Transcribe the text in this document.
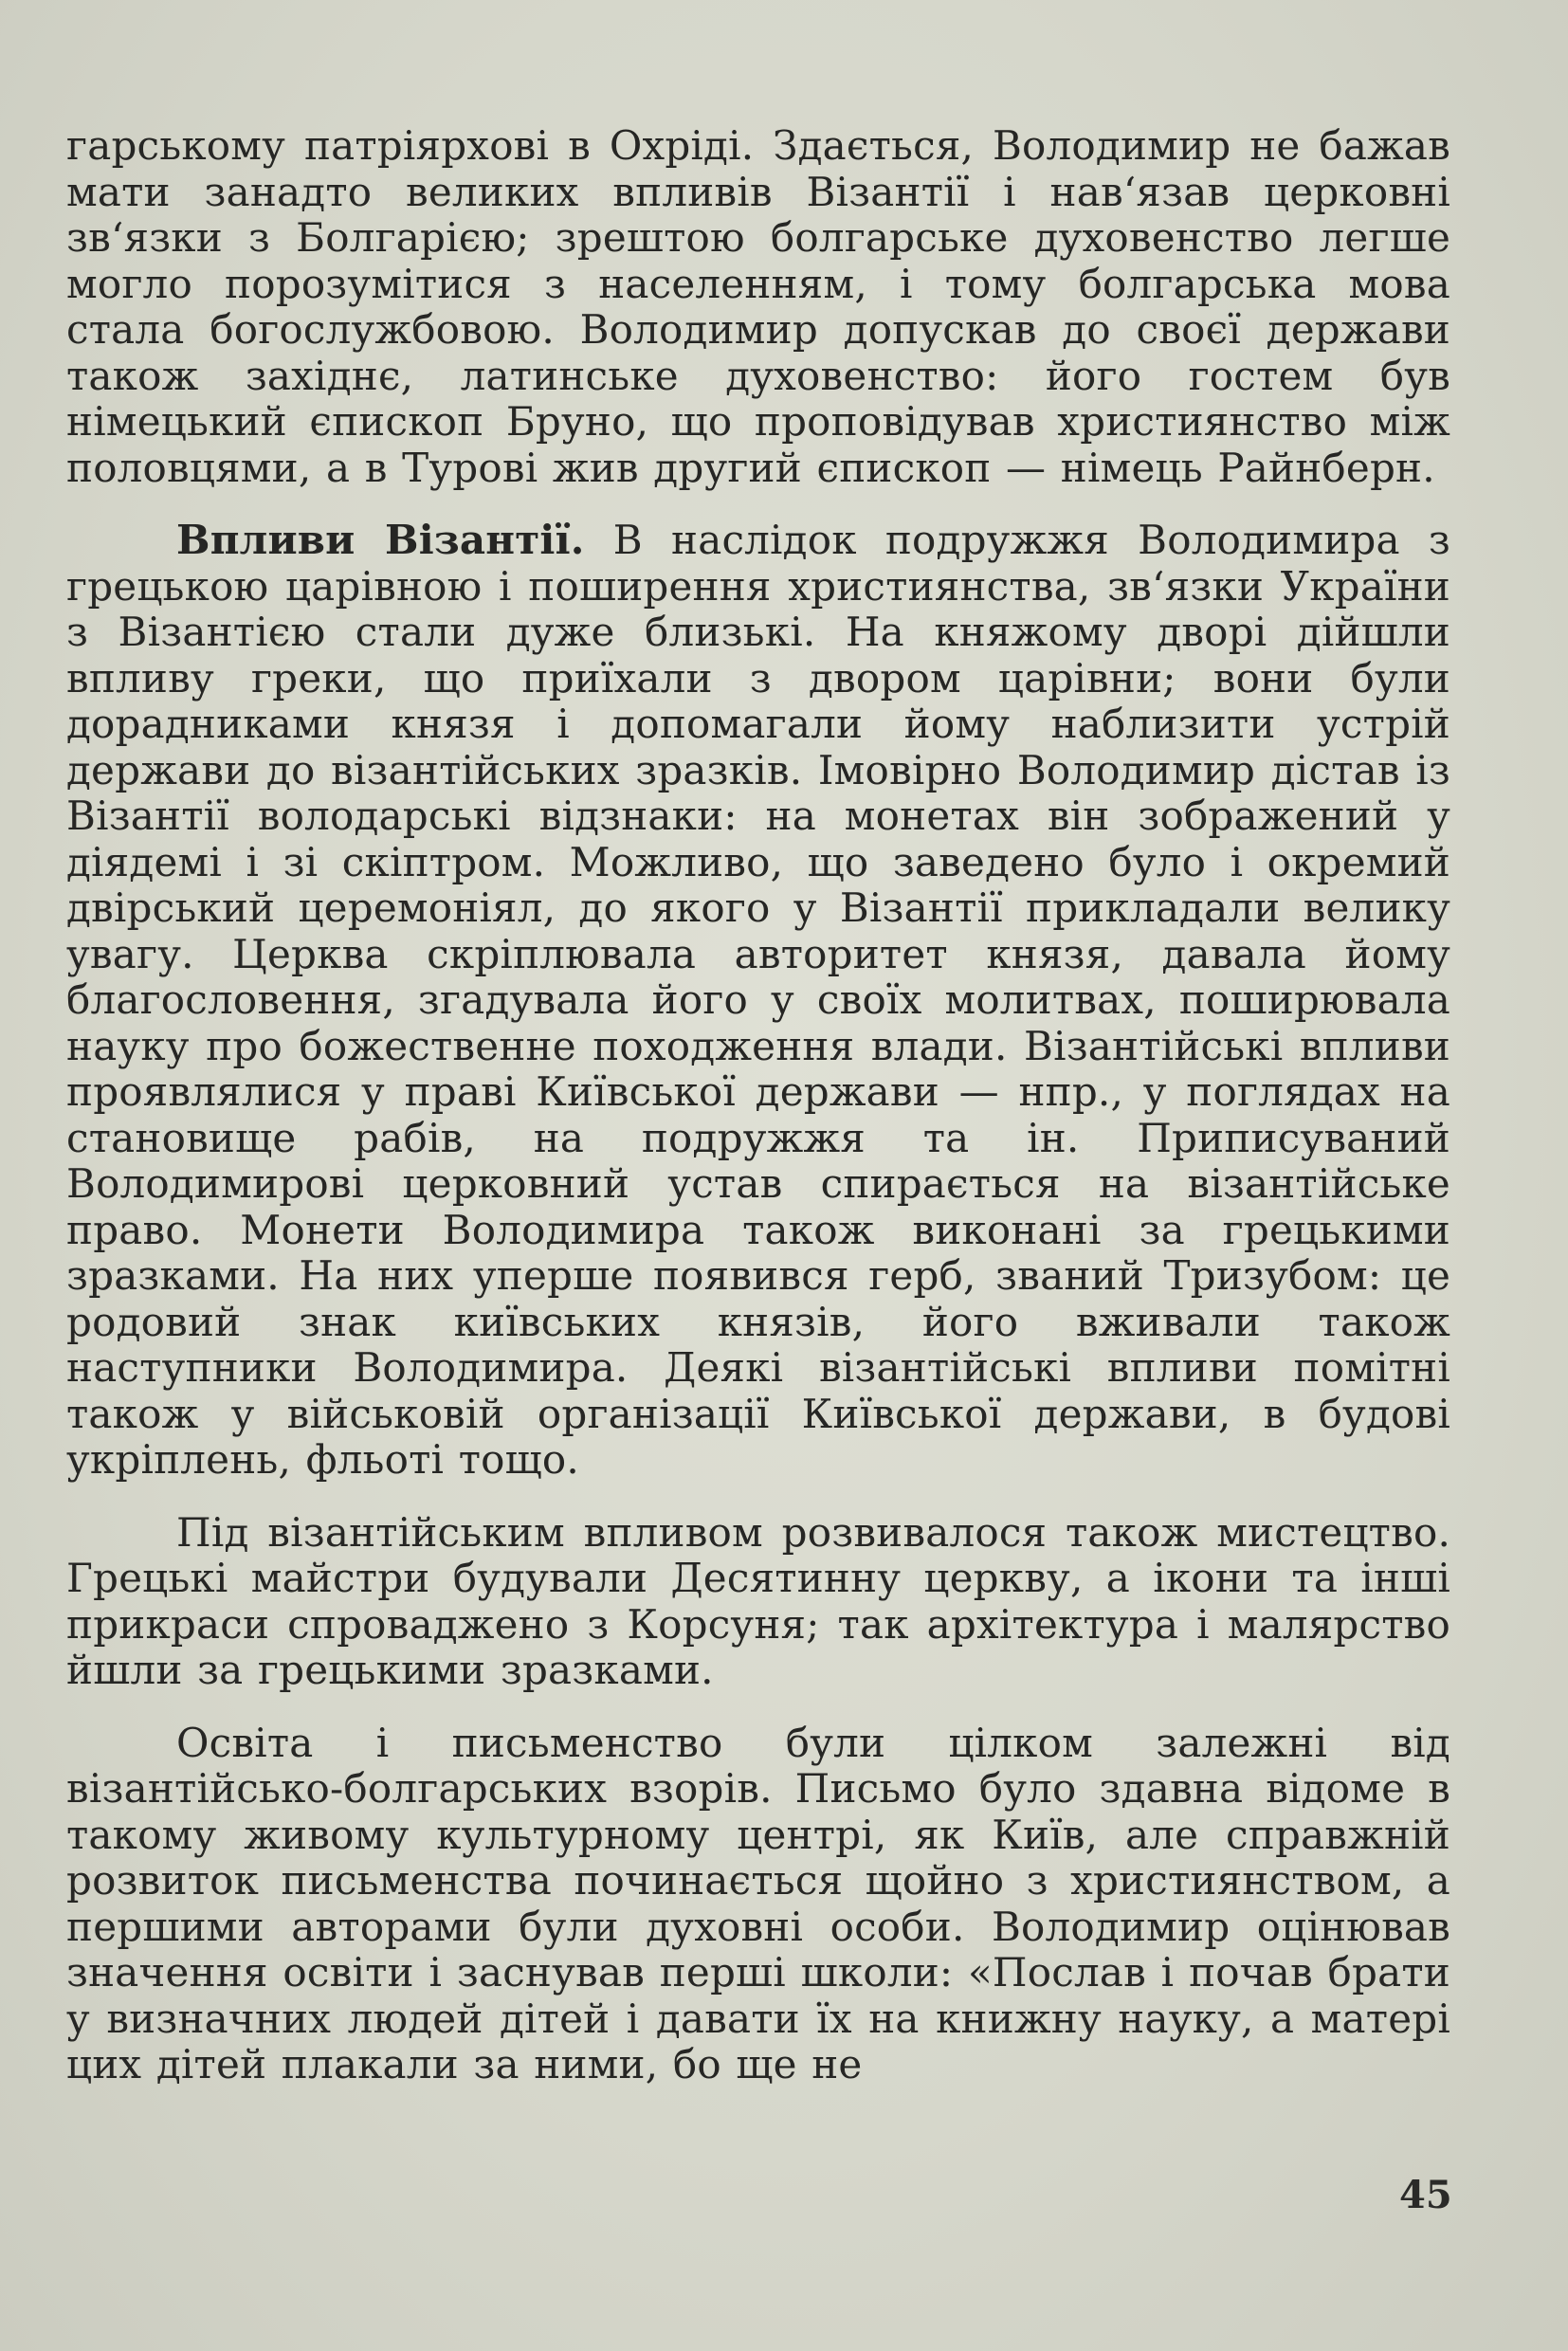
гарському патріярхові в Охріді. Здається, Володимир не бажав мати занадто великих впливів Візантії і нав‘язав церковні зв‘язки з Болгарією; зрештою болгарське духовенство легше могло порозумітися з населенням, і тому болгарська мова стала богослужбовою. Володимир допускав до своєї держави також західнє, латинське духовенство: його гостем був німецький єпископ Бруно, що проповідував християнство між половцями, а в Турові жив другий єпископ — німець Райнберн.

Впливи Візантії. В наслідок подружжя Володимира з грецькою царівною і поширення християнства, зв‘язки України з Візантією стали дуже близькі. На княжому дворі дійшли впливу греки, що приїхали з двором царівни; вони були дорадниками князя і допомагали йому наблизити устрій держави до візантійських зразків. Імовірно Володимир дістав із Візантії володарські відзнаки: на монетах він зображений у діядемі і зі скіптром. Можливо, що заведено було і окремий двірський церемоніял, до якого у Візантії прикладали велику увагу. Церква скріплювала авторитет князя, давала йому благословення, згадувала його у своїх молитвах, поширювала науку про божественне походження влади. Візантійські впливи проявлялися у праві Київської держави — нпр., у поглядах на становище рабів, на подружжя та ін. Приписуваний Володимирові церковний устав спирається на візантійське право. Монети Володимира також виконані за грецькими зразками. На них уперше появився герб, званий Тризубом: це родовий знак київських князів, його вживали також наступники Володимира. Деякі візантійські впливи помітні також у військовій організації Київської держави, в будові укріплень, фльоті тощо.

Під візантійським впливом розвивалося також мистецтво. Грецькі майстри будували Десятинну церкву, а ікони та інші прикраси спроваджено з Корсуня; так архітектура і малярство йшли за грецькими зразками.

Освіта і письменство були цілком залежні від візантійсько-болгарських взорів. Письмо було здавна відоме в такому живому культурному центрі, як Київ, але справжній розвиток письменства починається щойно з християнством, а першими авторами були духовні особи. Володимир оцінював значення освіти і заснував перші школи: «Послав і почав брати у визначних людей дітей і давати їх на книжну науку, а матері цих дітей плакали за ними, бо ще не

45
